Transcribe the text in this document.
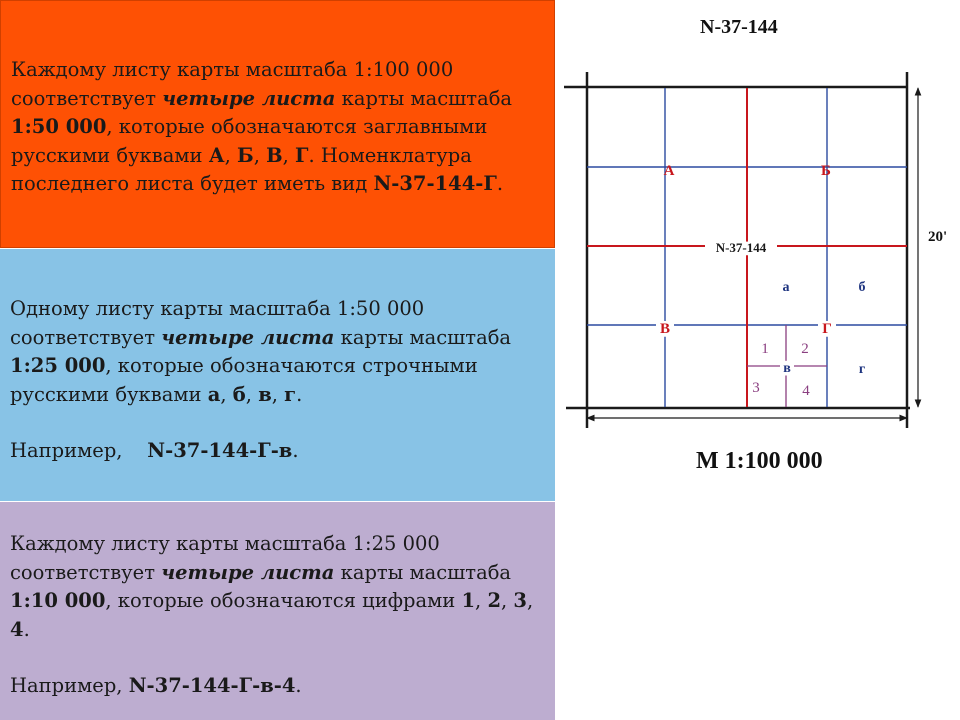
Каждому листу карты масштаба 1:100 000 соответствует четыре листа карты масштаба 1:50 000, которые обозначаются заглавными русскими буквами А, Б, В, Г. Номенклатура последнего листа будет иметь вид N-37-144-Г.

Одному листу карты масштаба 1:50 000 соответствует четыре листа карты масштаба 1:25 000, которые обозначаются строчными русскими буквами а, б, в, г.

Например,    N-37-144-Г-в.

Каждому листу карты масштаба 1:25 000 соответствует четыре листа карты масштаба  1:10 000, которые обозначаются цифрами 1, 2, 3, 4.

Например, N-37-144-Г-в-4.

N-37-144
М 1:100 000
20'
N-37-144
А	Б
В	Г
а	б
в	г
1 2
3	4
